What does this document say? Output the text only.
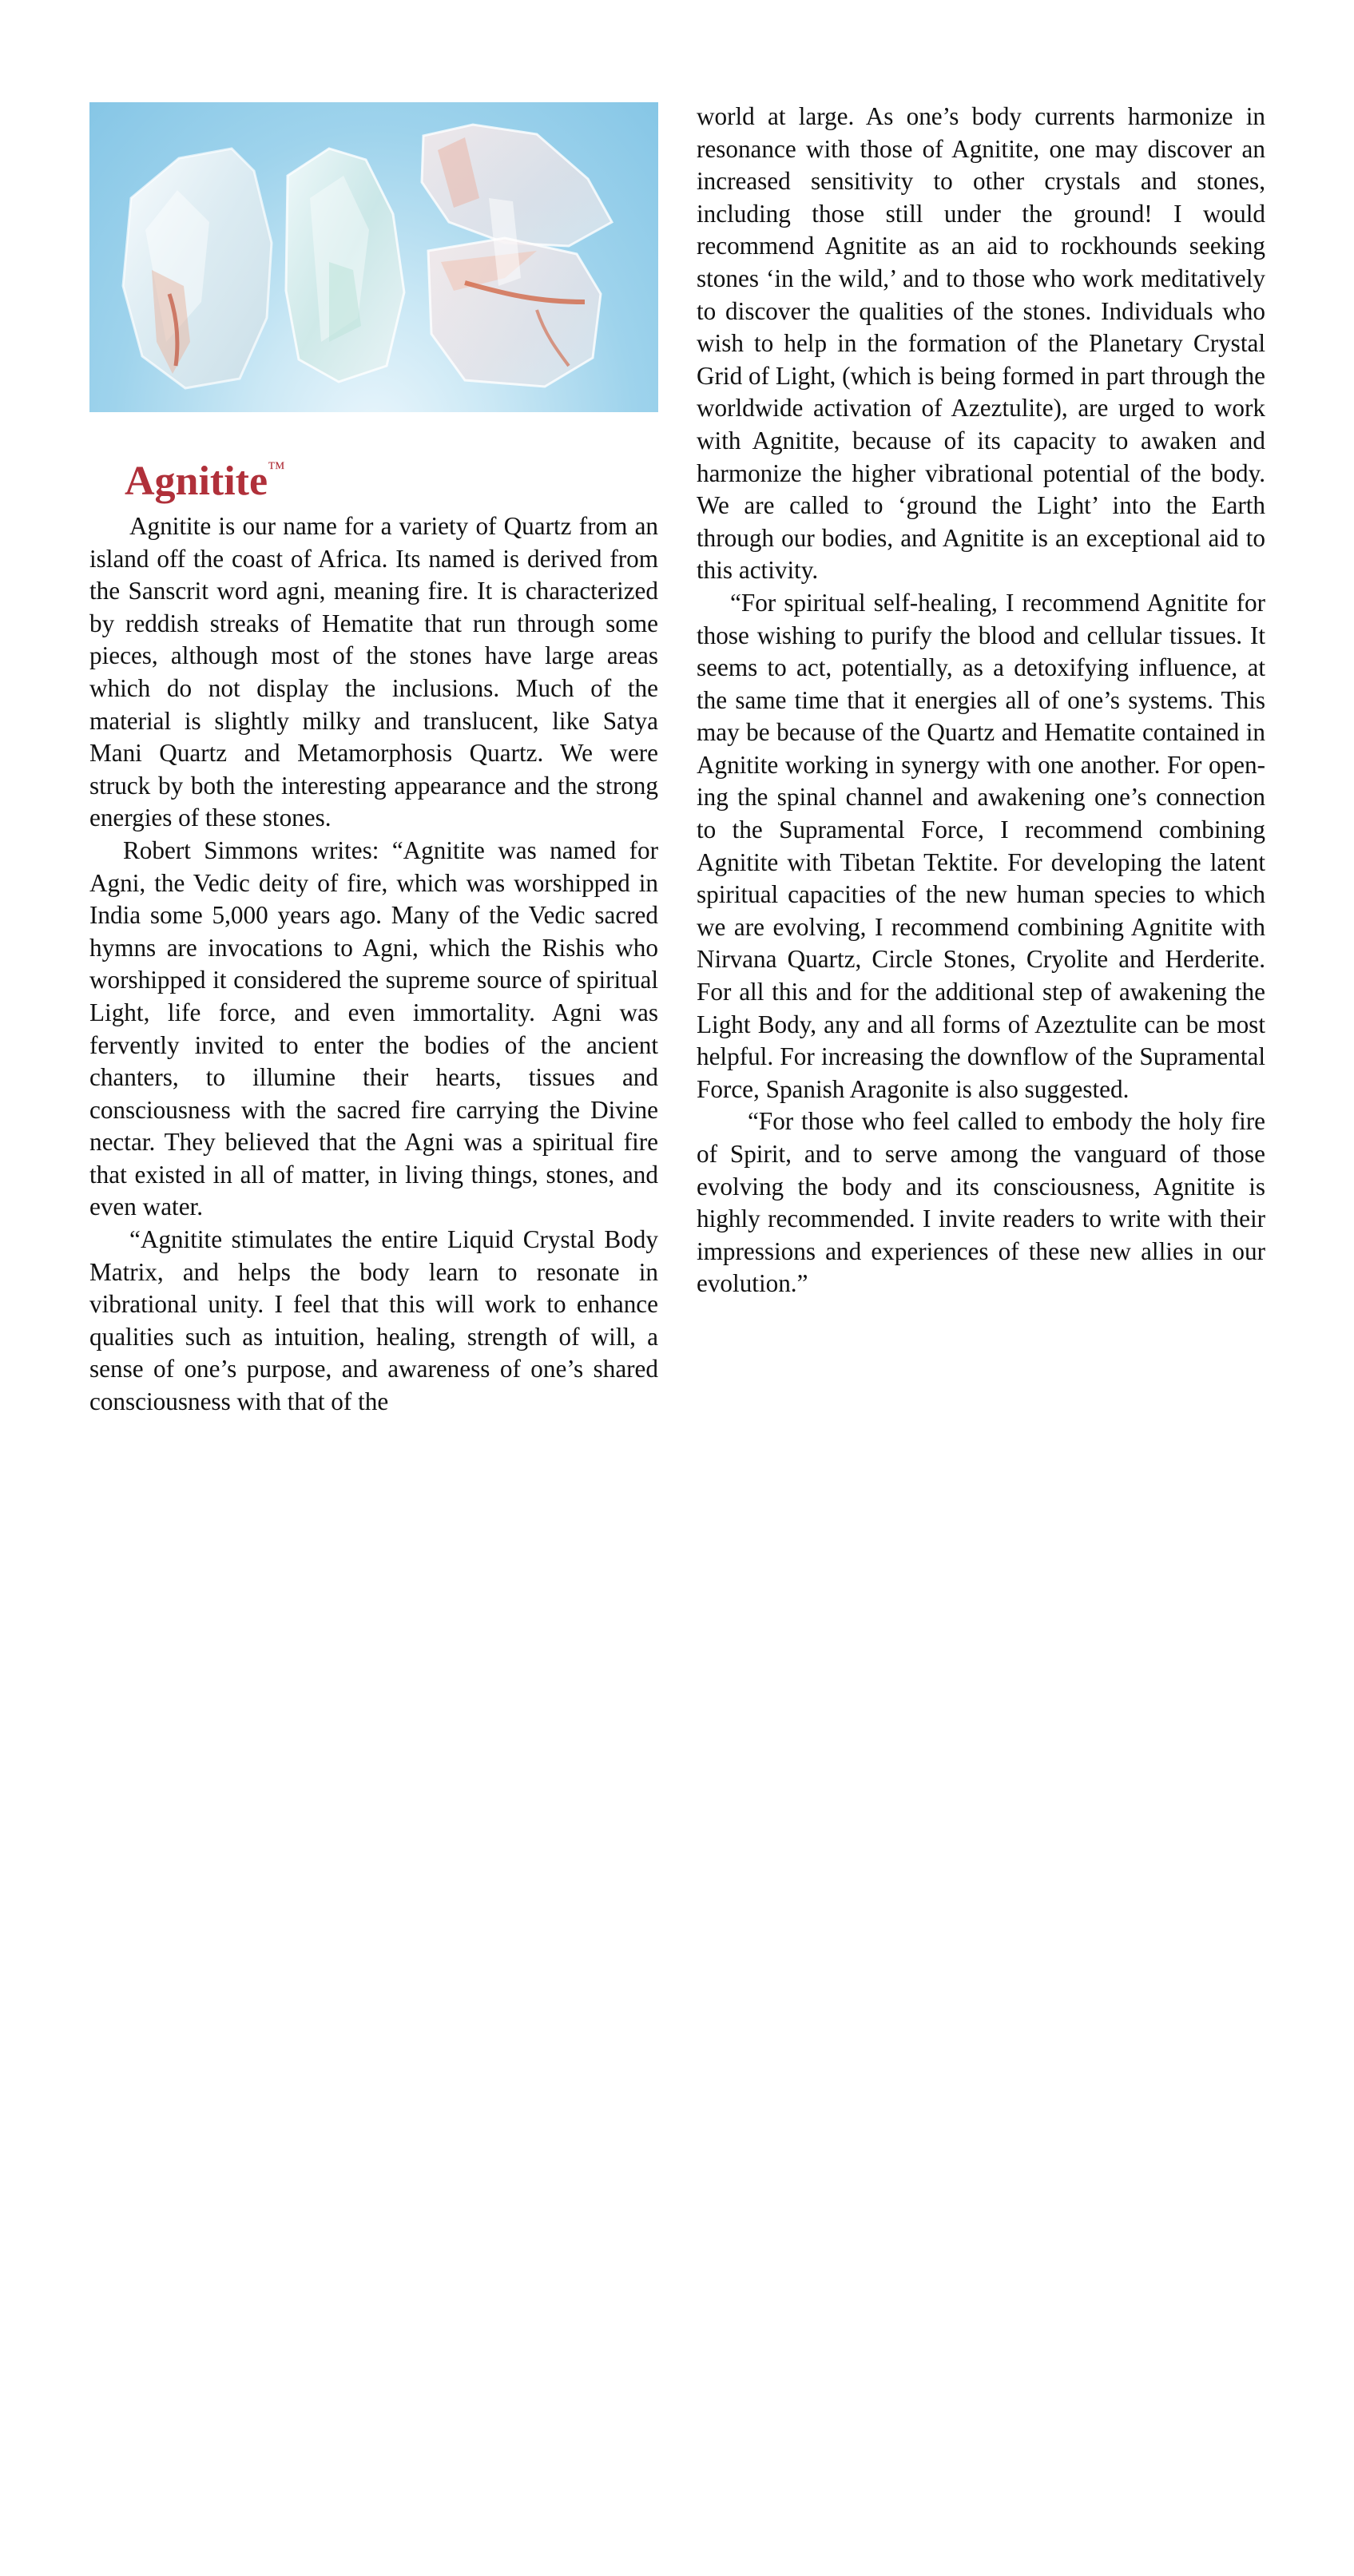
Agnitite™

Agnitite is our name for a variety of Quartz from an island off the coast of Africa. Its named is derived from the Sanscrit word agni, meaning fire. It is characterized by reddish streaks of Hematite that run through some pieces, although most of the stones have large areas which do not display the inclusions. Much of the material is slightly milky and translucent, like Satya Mani Quartz and Metamorphosis Quartz. We were struck by both the interesting appearance and the strong energies of these stones.

Robert Simmons writes: “Agnitite was named for Agni, the Vedic deity of fire, which was worshipped in India some 5,000 years ago. Many of the Vedic sacred hymns are invocations to Agni, which the Rishis who worshipped it considered the supreme source of spiritual Light, life force, and even immortality. Agni was fervently invited to enter the bodies of the ancient chanters, to illumine their hearts, tissues and consciousness with the sacred fire carrying the Divine nectar. They believed that the Agni was a spiritual fire that existed in all of matter, in living things, stones, and even water.

“Agnitite stimulates the entire Liquid Crystal Body Matrix, and helps the body learn to resonate in vibrational unity. I feel that this will work to enhance qualities such as intuition, healing, strength of will, a sense of one’s purpose, and awareness of one’s shared consciousness with that of the

world at large. As one’s body currents harmonize in resonance with those of Agnitite, one may discover an increased sensitivity to other crystals and stones, including those still under the ground! I would recommend Agnitite as an aid to rockhounds seeking stones ‘in the wild,’ and to those who work meditatively to discover the qualities of the stones. Individuals who wish to help in the formation of the Planetary Crystal Grid of Light, (which is being formed in part through the worldwide activation of Azeztulite), are urged to work with Agnitite, because of its capacity to awaken and harmonize the higher vibrational potential of the body. We are called to ‘ground the Light’ into the Earth through our bodies, and Agnitite is an exceptional aid to this activity.

“For spiritual self-healing, I recommend Agnitite for those wishing to purify the blood and cellular tissues. It seems to act, potentially, as a detoxifying influence, at the same time that it energies all of one’s systems. This may be because of the Quartz and Hematite contained in Agnitite working in synergy with one another. For opening the spinal channel and awakening one’s connection to the Supramental Force, I recommend combining Agnitite with Tibetan Tektite. For developing the latent spiritual capacities of the new human species to which we are evolving, I recommend combining Agnitite with Nirvana Quartz, Circle Stones, Cryolite and Herderite. For all this and for the additional step of awakening the Light Body, any and all forms of Azeztulite can be most helpful. For increasing the downflow of the Supramental Force, Spanish Aragonite is also suggested.

“For those who feel called to embody the holy fire of Spirit, and to serve among the vanguard of those evolving the body and its consciousness, Agnitite is highly recommended. I invite readers to write with their impressions and experiences of these new allies in our evolution.”
